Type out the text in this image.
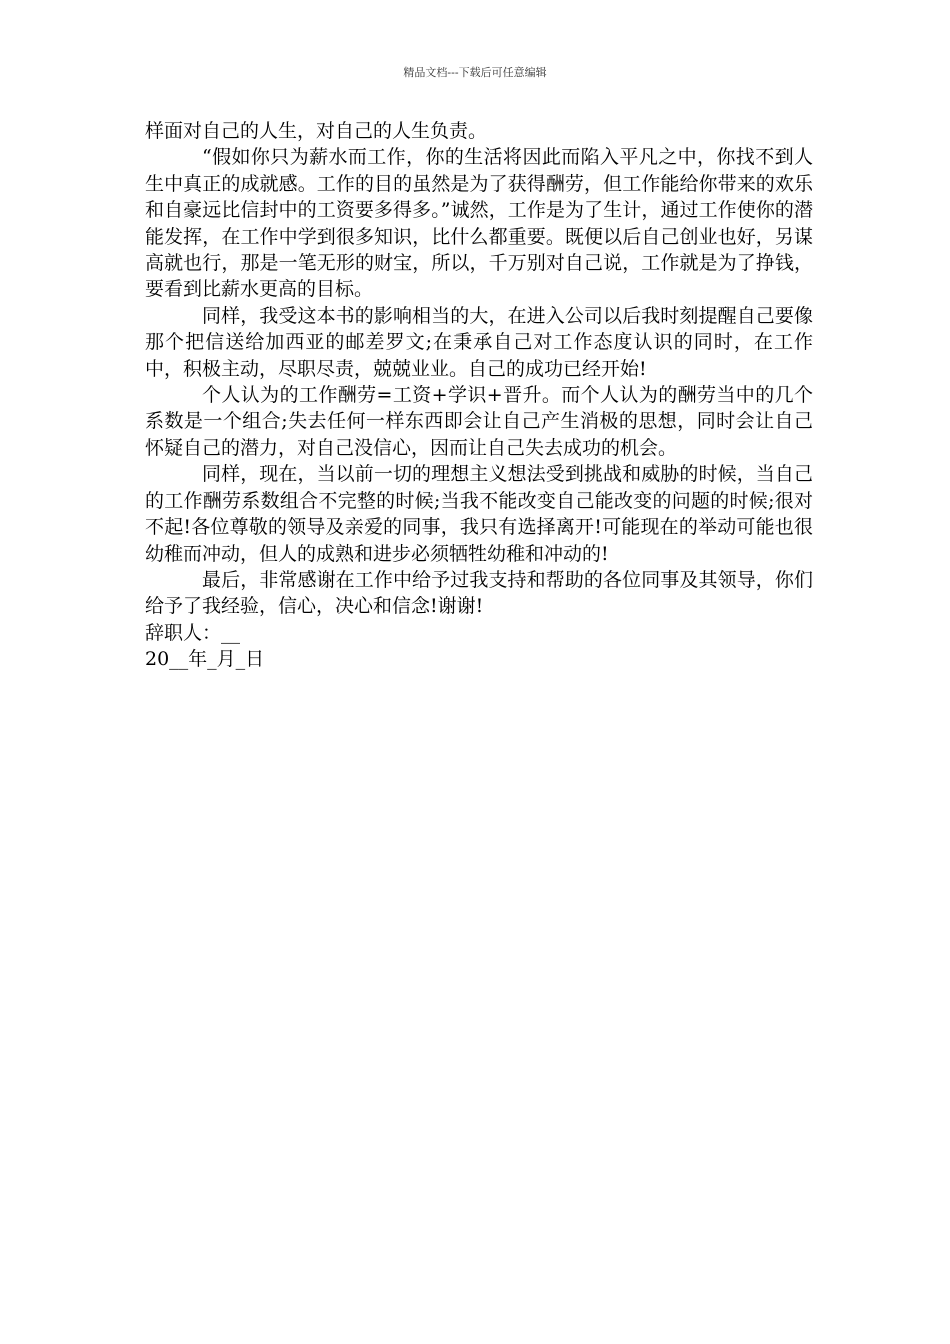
精品文档---下载后可任意编辑

样面对自己的人生，对自己的人生负责。

“假如你只为薪水而工作，你的生活将因此而陷入平凡之中，你找不到人生中真正的成就感。工作的目的虽然是为了获得酬劳，但工作能给你带来的欢乐和自豪远比信封中的工资要多得多。”诚然，工作是为了生计，通过工作使你的潜能发挥，在工作中学到很多知识，比什么都重要。既便以后自己创业也好，另谋高就也行，那是一笔无形的财宝，所以，千万别对自己说，工作就是为了挣钱，要看到比薪水更高的目标。

同样，我受这本书的影响相当的大，在进入公司以后我时刻提醒自己要像那个把信送给加西亚的邮差罗文;在秉承自己对工作态度认识的同时，在工作中，积极主动，尽职尽责，兢兢业业。自己的成功已经开始!

个人认为的工作酬劳=工资+学识+晋升。而个人认为的酬劳当中的几个系数是一个组合;失去任何一样东西即会让自己产生消极的思想，同时会让自己怀疑自己的潜力，对自己没信心，因而让自己失去成功的机会。

同样，现在，当以前一切的理想主义想法受到挑战和威胁的时候，当自己的工作酬劳系数组合不完整的时候;当我不能改变自己能改变的问题的时候;很对不起!各位尊敬的领导及亲爱的同事，我只有选择离开!可能现在的举动可能也很幼稚而冲动，但人的成熟和进步必须牺牲幼稚和冲动的!

最后，非常感谢在工作中给予过我支持和帮助的各位同事及其领导，你们给予了我经验，信心，决心和信念!谢谢!

辞职人：__

20__年_月_日
